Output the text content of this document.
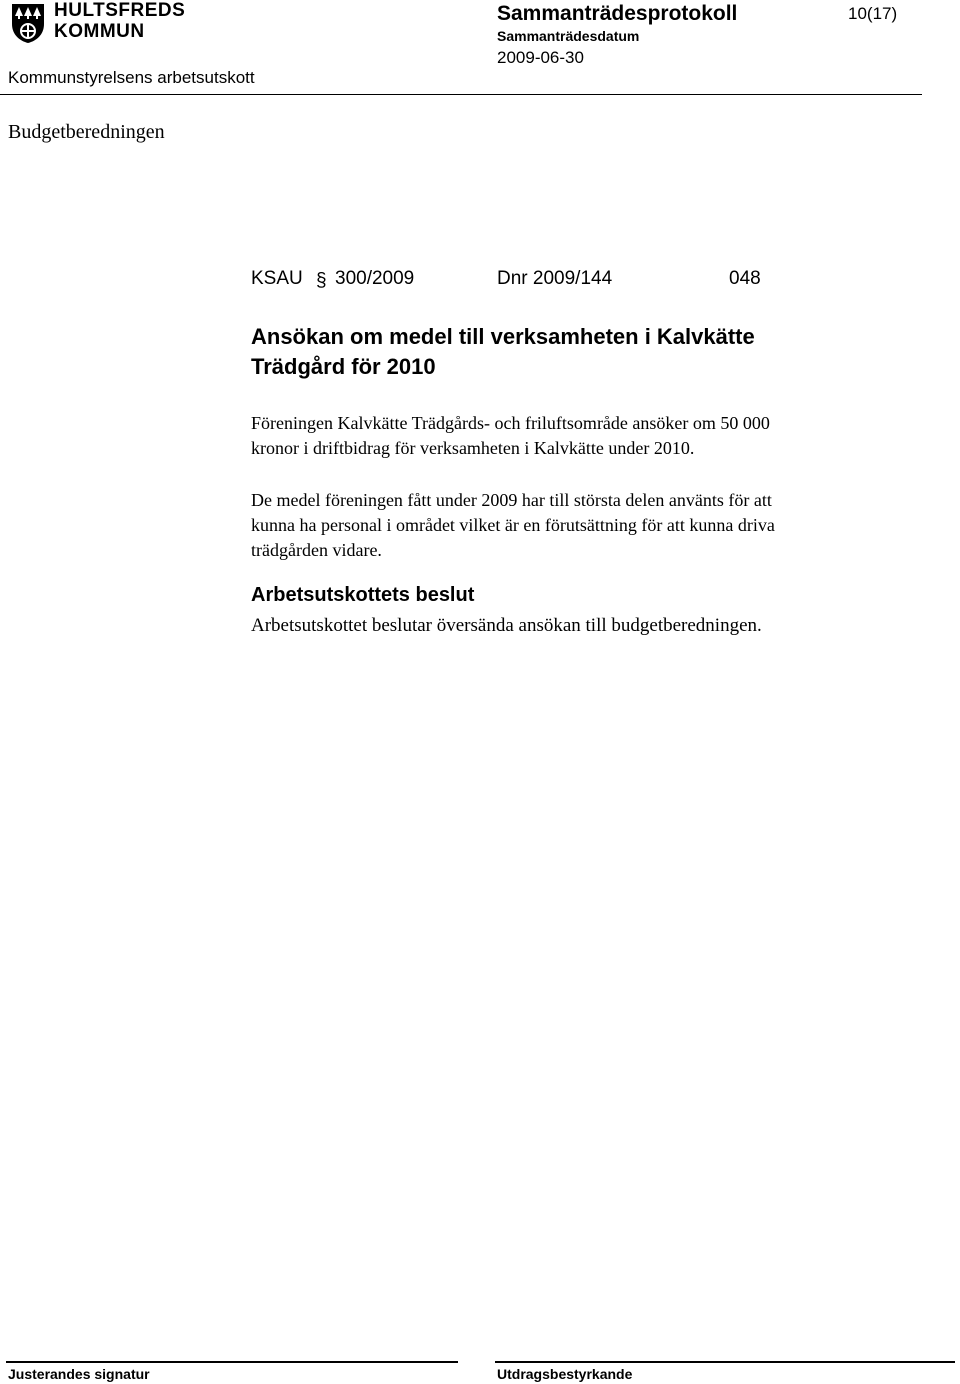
HULTSFREDS
KOMMUN
Kommunstyrelsens arbetsutskott
Sammanträdesprotokoll
Sammanträdesdatum
2009-06-30
10(17)
Budgetberedningen
KSAU § 300/2009	Dnr 2009/144	048
Ansökan om medel till verksamheten i Kalvkätte
Trädgård för 2010
Föreningen Kalvkätte Trädgårds- och friluftsområde ansöker om 50 000
kronor i driftbidrag för verksamheten i Kalvkätte under 2010.
De medel föreningen fått under 2009 har till största delen använts för att
kunna ha personal i området vilket är en förutsättning för att kunna driva
trädgården vidare.
Arbetsutskottets beslut
Arbetsutskottet beslutar översända ansökan till budgetberedningen.
Justerandes signatur	Utdragsbestyrkande
